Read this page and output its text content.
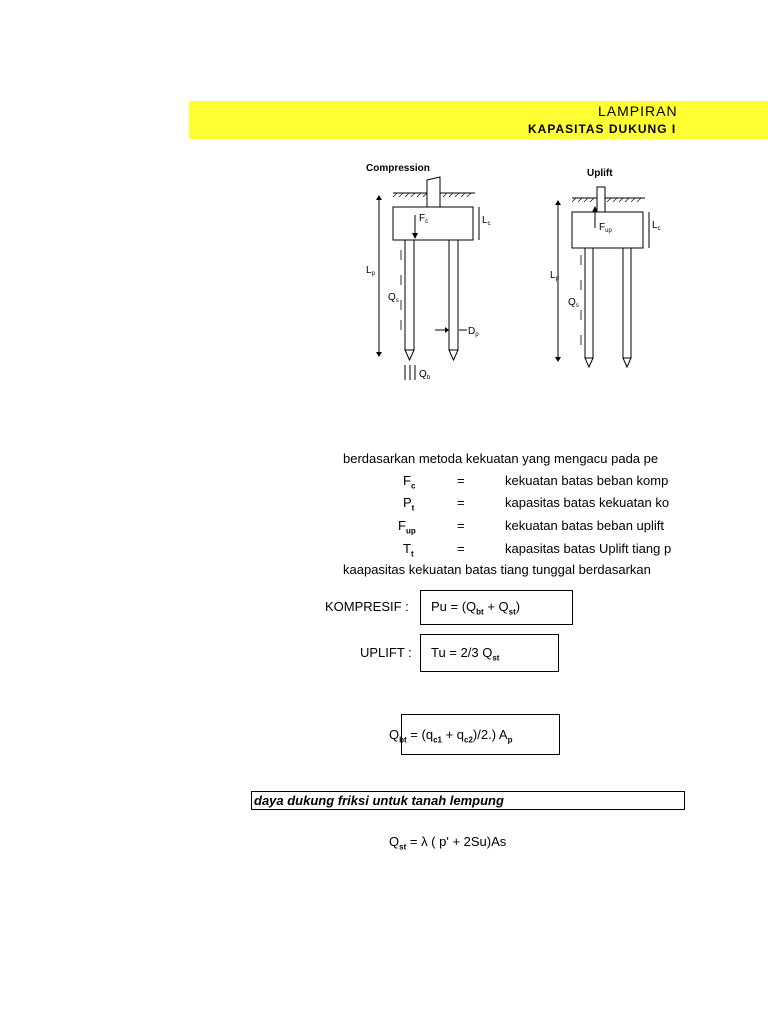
LAMPIRAN
KAPASITAS DUKUNG I
Compression
$F_c$	$L_c$
$L_p$
$Q_s$
$D_p$
$Q_b$
Uplift
$F_{up}$	$L_c$
$L_p$
$Q_s$
berdasarkan metoda kekuatan yang mengacu pada pe
$F_c$	=	kekuatan batas beban komp
$P_t$	=	kapasitas batas kekuatan ko
$F_{up}$	=	kekuatan batas beban uplift
$T_t$	=	kapasitas batas Uplift tiang p
kaapasitas kekuatan batas tiang tunggal berdasarkan
KOMPRESIF : $Pu = (Q_{bt} + Q_{st})$
UPLIFT : Tu = 2/3 $Q_{st}$
$Q_{bt} = (q_{c1} + q_{c2})/2$.) $A_p$
daya dukung friksi untuk tanah lempung
$Q_{st} = \lambda$ ( p' + 2Su)As
